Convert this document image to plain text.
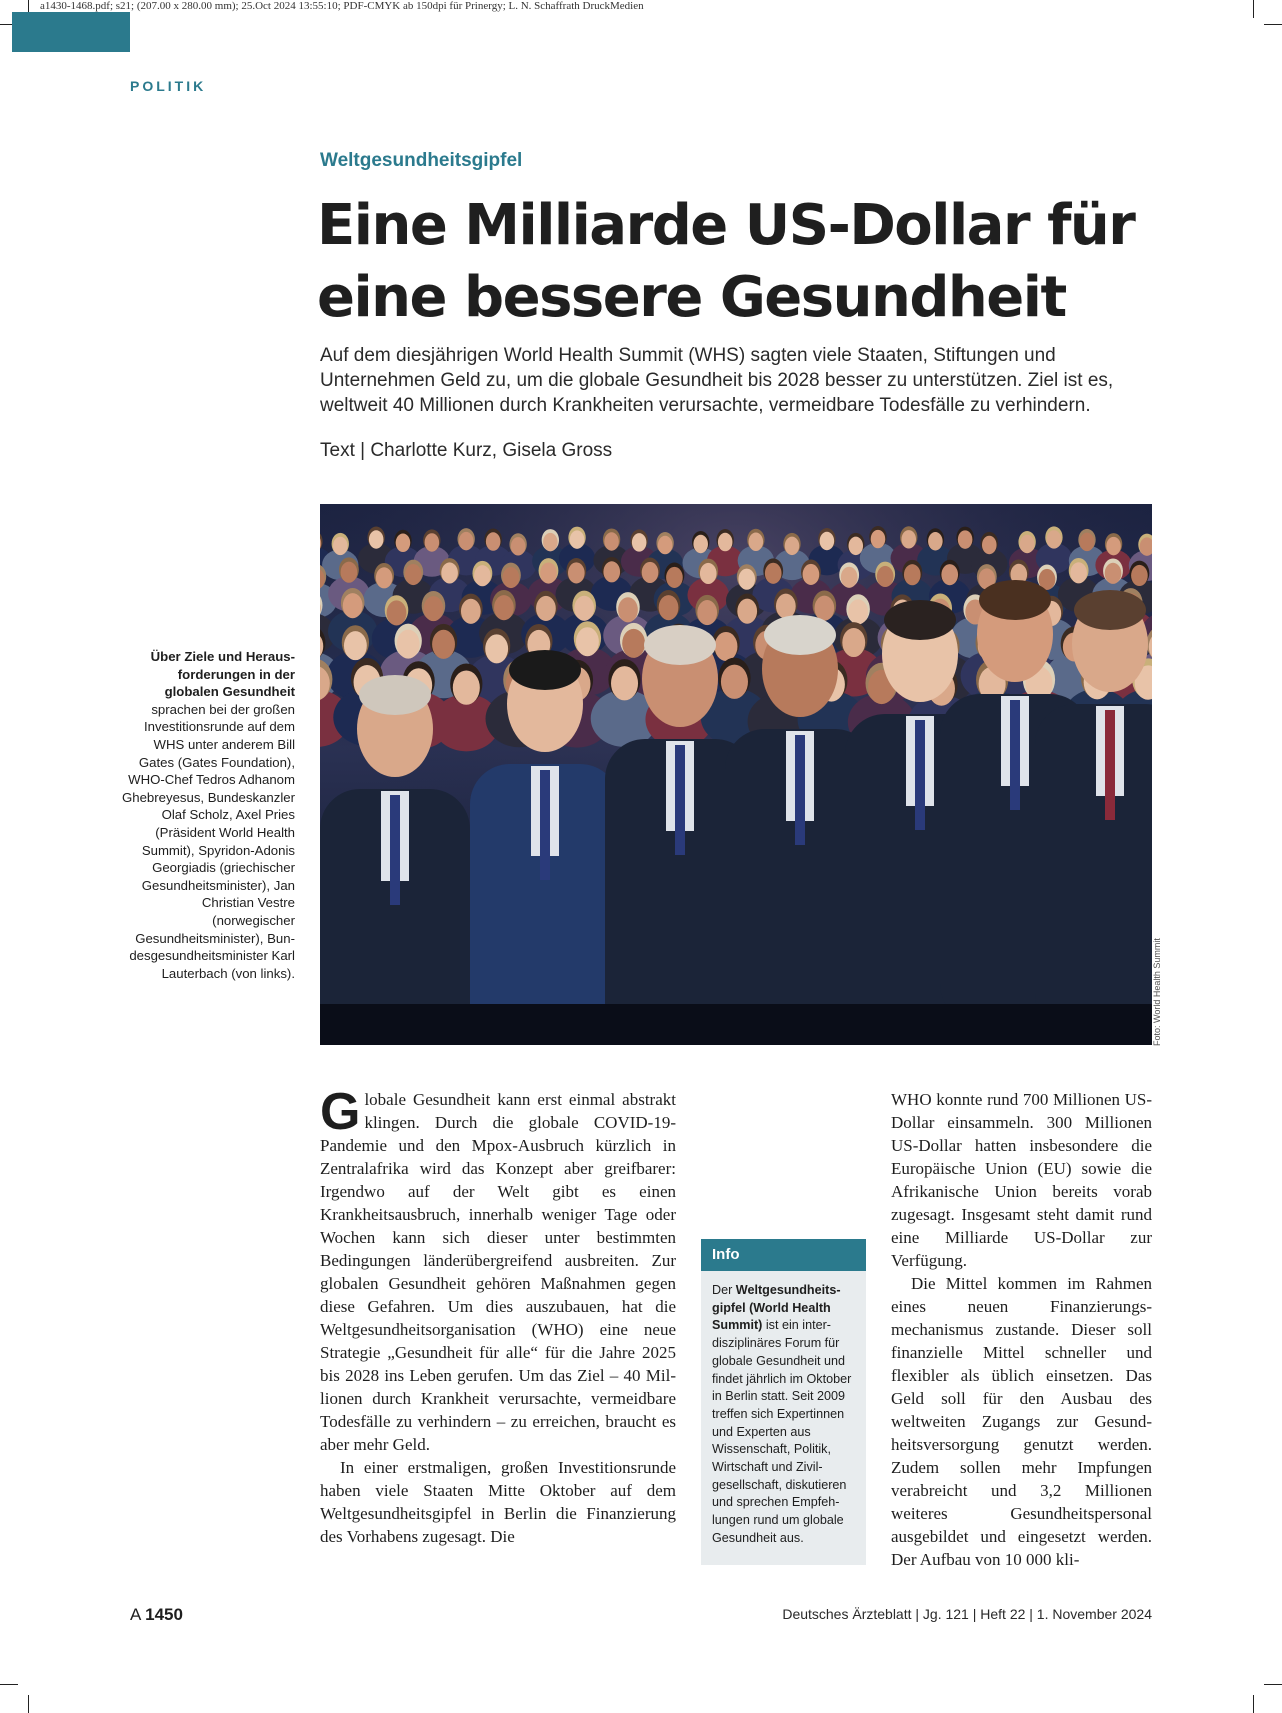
a1430-1468.pdf; s21; (207.00 x 280.00 mm); 25.Oct 2024 13:55:10; PDF-CMYK ab 150dpi für Prinergy; L. N. Schaffrath DruckMedien
POLITIK
Weltgesundheitsgipfel
Eine Milliarde US-Dollar für
eine bessere Gesundheit

Auf dem diesjährigen World Health Summit (WHS) sagten viele Staaten, Stiftungen und Unternehmen Geld zu, um die globale Gesundheit bis 2028 besser zu unterstützen. Ziel ist es, weltweit 40 Millionen durch Krankheiten verursachte, vermeidbare Todesfälle zu verhindern.

Text | Charlotte Kurz, Gisela Gross
Foto: World Health Summit
Über Ziele und Herausforderungen in der globalen Gesundheit sprachen bei der großen Investitionsrunde auf dem WHS unter anderem Bill Gates (Gates Foundation), WHO-Chef Tedros Adhanom Ghebreyesus, Bundeskanzler Olaf Scholz, Axel Pries (Präsident World Health Summit), Spyridon-Adonis Georgiadis (griechischer Gesundheitsminister), Jan Christian Vestre (norwegischer Gesundheitsminister), Bundesgesundheitsminister Karl Lauterbach (von links).

Globale Gesundheit kann erst einmal abstrakt klingen. Durch die globale COVID-19-Pandemie und den Mpox-Ausbruch kürzlich in Zentralafrika wird das Konzept aber greifbarer: Irgendwo auf der Welt gibt es einen Krankheitsausbruch, innerhalb weniger Tage oder Wochen kann sich dieser unter bestimmten Bedingungen länderübergreifend ausbreiten. Zur globalen Gesundheit gehören Maßnahmen gegen diese Gefahren. Um dies auszubauen, hat die Weltgesundheitsorganisation (WHO) eine neue Strategie „Gesundheit für alle“ für die Jahre 2025 bis 2028 ins Leben gerufen. Um das Ziel – 40 Millionen durch Krankheit verursachte, vermeidbare Todesfälle zu verhindern – zu erreichen, braucht es aber mehr Geld.

In einer erstmaligen, großen Investitionsrunde haben viele Staaten Mitte Oktober auf dem Weltgesundheitsgipfel in Berlin die Finanzierung des Vorhabens zugesagt. Die

Info
Der Weltgesundheitsgipfel (World Health Summit) ist ein interdisziplinäres Forum für globale Gesundheit und findet jährlich im Oktober in Berlin statt. Seit 2009 treffen sich Expertinnen und Experten aus Wissenschaft, Politik, Wirtschaft und Zivilgesellschaft, diskutieren und sprechen Empfehlungen rund um globale Gesundheit aus.

WHO konnte rund 700 Millionen US-Dollar einsammeln. 300 Millionen US-Dollar hatten insbesondere die Europäische Union (EU) sowie die Afrikanische Union bereits vorab zugesagt. Insgesamt steht damit rund eine Milliarde US-Dollar zur Verfügung.

Die Mittel kommen im Rahmen eines neuen Finanzierungsmechanismus zustande. Dieser soll finanzielle Mittel schneller und flexibler als üblich einsetzen. Das Geld soll für den Ausbau des weltweiten Zugangs zur Gesundheitsversorgung genutzt werden. Zudem sollen mehr Impfungen verabreicht und 3,2 Millionen weiteres Gesundheitspersonal ausgebildet und eingesetzt werden. Der Aufbau von 10 000 kli-

A 1450	Deutsches Ärzteblatt | Jg. 121 | Heft 22 | 1. November 2024
